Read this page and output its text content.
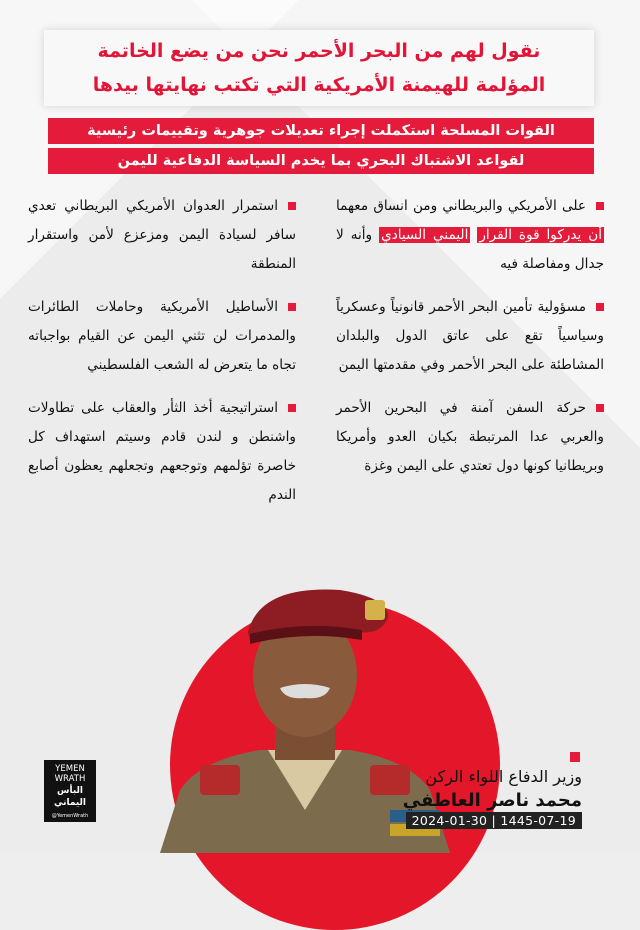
نقول لهم من البحر الأحمر نحن من يضع الخاتمة
المؤلمة للهيمنة الأمريكية التي تكتب نهايتها بيدها
القوات المسلحة استكملت إجراء تعديلات جوهرية وتقييمات رئيسية
لقواعد الاشتباك البحري بما يخدم السياسة الدفاعية لليمن
على الأمريكي والبريطاني ومن انساق معهما أن يدركوا قوة القرار اليمني السيادي وأنه لا جدال ومفاصلة فيه
مسؤولية تأمين البحر الأحمر قانونياً وعسكرياً وسياسياً تقع على عاتق الدول والبلدان المشاطئة على البحر الأحمر وفي مقدمتها اليمن
حركة السفن آمنة في البحرين الأحمر والعربي عدا المرتبطة بكيان العدو وأمريكا وبريطانيا كونها دول تعتدي على اليمن وغزة
استمرار العدوان الأمريكي البريطاني تعدي سافر لسيادة اليمن ومزعزع لأمن واستقرار المنطقة
الأساطيل الأمريكية وحاملات الطائرات والمدمرات لن تثني اليمن عن القيام بواجباته تجاه ما يتعرض له الشعب الفلسطيني
استراتيجية أخذ الثأر والعقاب على تطاولات واشنطن و لندن قادم وسيتم استهداف كل خاصرة تؤلمهم وتوجعهم وتجعلهم يعظون أصابع الندم
YEMEN
WRATH
البأس
اليماني
@YemenWrath
وزير الدفاع اللواء الركن
محمد ناصر العاطفي
2024-01-30 | 1445-07-19
